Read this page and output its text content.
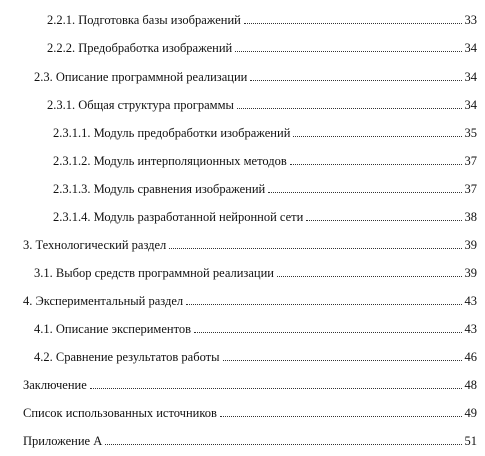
2.2.1. Подготовка базы изображений	33
2.2.2. Предобработка изображений	34
2.3. Описание программной реализации	34
2.3.1. Общая структура программы	34
2.3.1.1. Модуль предобработки изображений	35
2.3.1.2. Модуль интерполяционных методов	37
2.3.1.3. Модуль сравнения изображений	37
2.3.1.4. Модуль разработанной нейронной сети	38
3. Технологический раздел	39
3.1. Выбор средств программной реализации	39
4. Экспериментальный раздел	43
4.1. Описание экспериментов	43
4.2. Сравнение результатов работы	46
Заключение	48
Список использованных источников	49
Приложение А	51
